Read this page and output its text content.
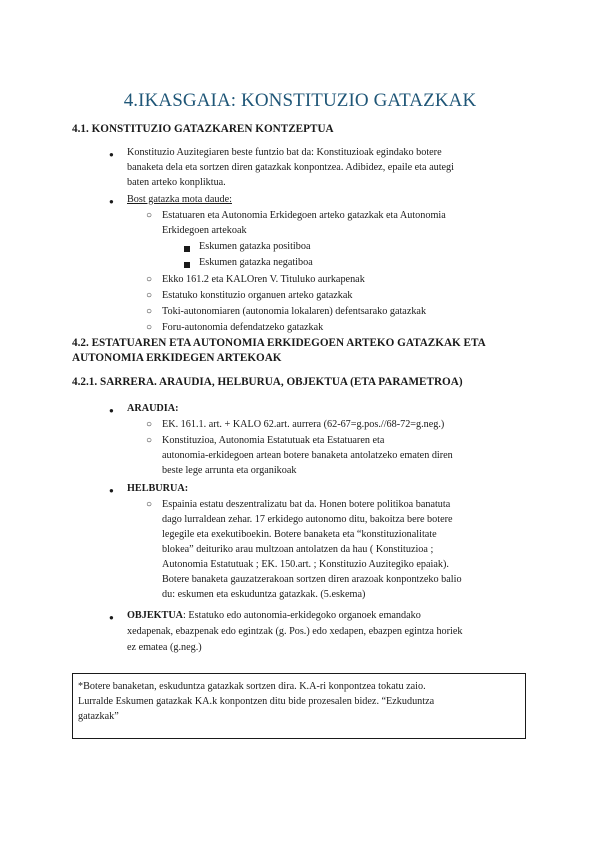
4.IKASGAIA: KONSTITUZIO GATAZKAK
4.1. KONSTITUZIO GATAZKAREN KONTZEPTUA
● Konstituzio Auzitegiaren beste funtzio bat da: Konstituzioak egindako botere
banaketa dela eta sortzen diren gatazkak konpontzea. Adibidez, epaile eta autegi
baten arteko konpliktua.
● Bost gatazka mota daude:
○ Estatuaren eta Autonomia Erkidegoen arteko gatazkak eta Autonomia
Erkidegoen artekoak
Eskumen gatazka positiboa
Eskumen gatazka negatiboa
○ Ekko 161.2 eta KALOren V. Tituluko aurkapenak
○ Estatuko konstituzio organuen arteko gatazkak
○ Toki-autonomiaren (autonomia lokalaren) defentsarako gatazkak
○ Foru-autonomia defendatzeko gatazkak
4.2. ESTATUAREN ETA AUTONOMIA ERKIDEGOEN ARTEKO GATAZKAK ETA
AUTONOMIA ERKIDEGEN ARTEKOAK
4.2.1. SARRERA. ARAUDIA, HELBURUA, OBJEKTUA (ETA PARAMETROA)
● ARAUDIA:
○ EK. 161.1. art. + KALO 62.art. aurrera (62-67=g.pos.//68-72=g.neg.)
○ Konstituzioa, Autonomia Estatutuak eta Estatuaren eta
autonomia-erkidegoen artean botere banaketa antolatzeko ematen diren
beste lege arrunta eta organikoak
● HELBURUA:
○ Espainia estatu deszentralizatu bat da. Honen botere politikoa banatuta
dago lurraldean zehar. 17 erkidego autonomo ditu, bakoitza bere botere
legegile eta exekutiboekin. Botere banaketa eta “konstituzionalitate
blokea” deituriko arau multzoan antolatzen da hau ( Konstituzioa ;
Autonomia Estatutuak ; EK. 150.art. ; Konstituzio Auzitegiko epaiak).
Botere banaketa gauzatzerakoan sortzen diren arazoak konpontzeko balio
du: eskumen eta eskuduntza gatazkak. (5.eskema)
● OBJEKTUA: Estatuko edo autonomia-erkidegoko organoek emandako
xedapenak, ebazpenak edo egintzak (g. Pos.) edo xedapen, ebazpen egintza horiek
ez ematea (g.neg.)
*Botere banaketan, eskuduntza gatazkak sortzen dira. K.A-ri konpontzea tokatu zaio.
Lurralde Eskumen gatazkak KA.k konpontzen ditu bide prozesalen bidez. “Ezkuduntza
gatazkak”
